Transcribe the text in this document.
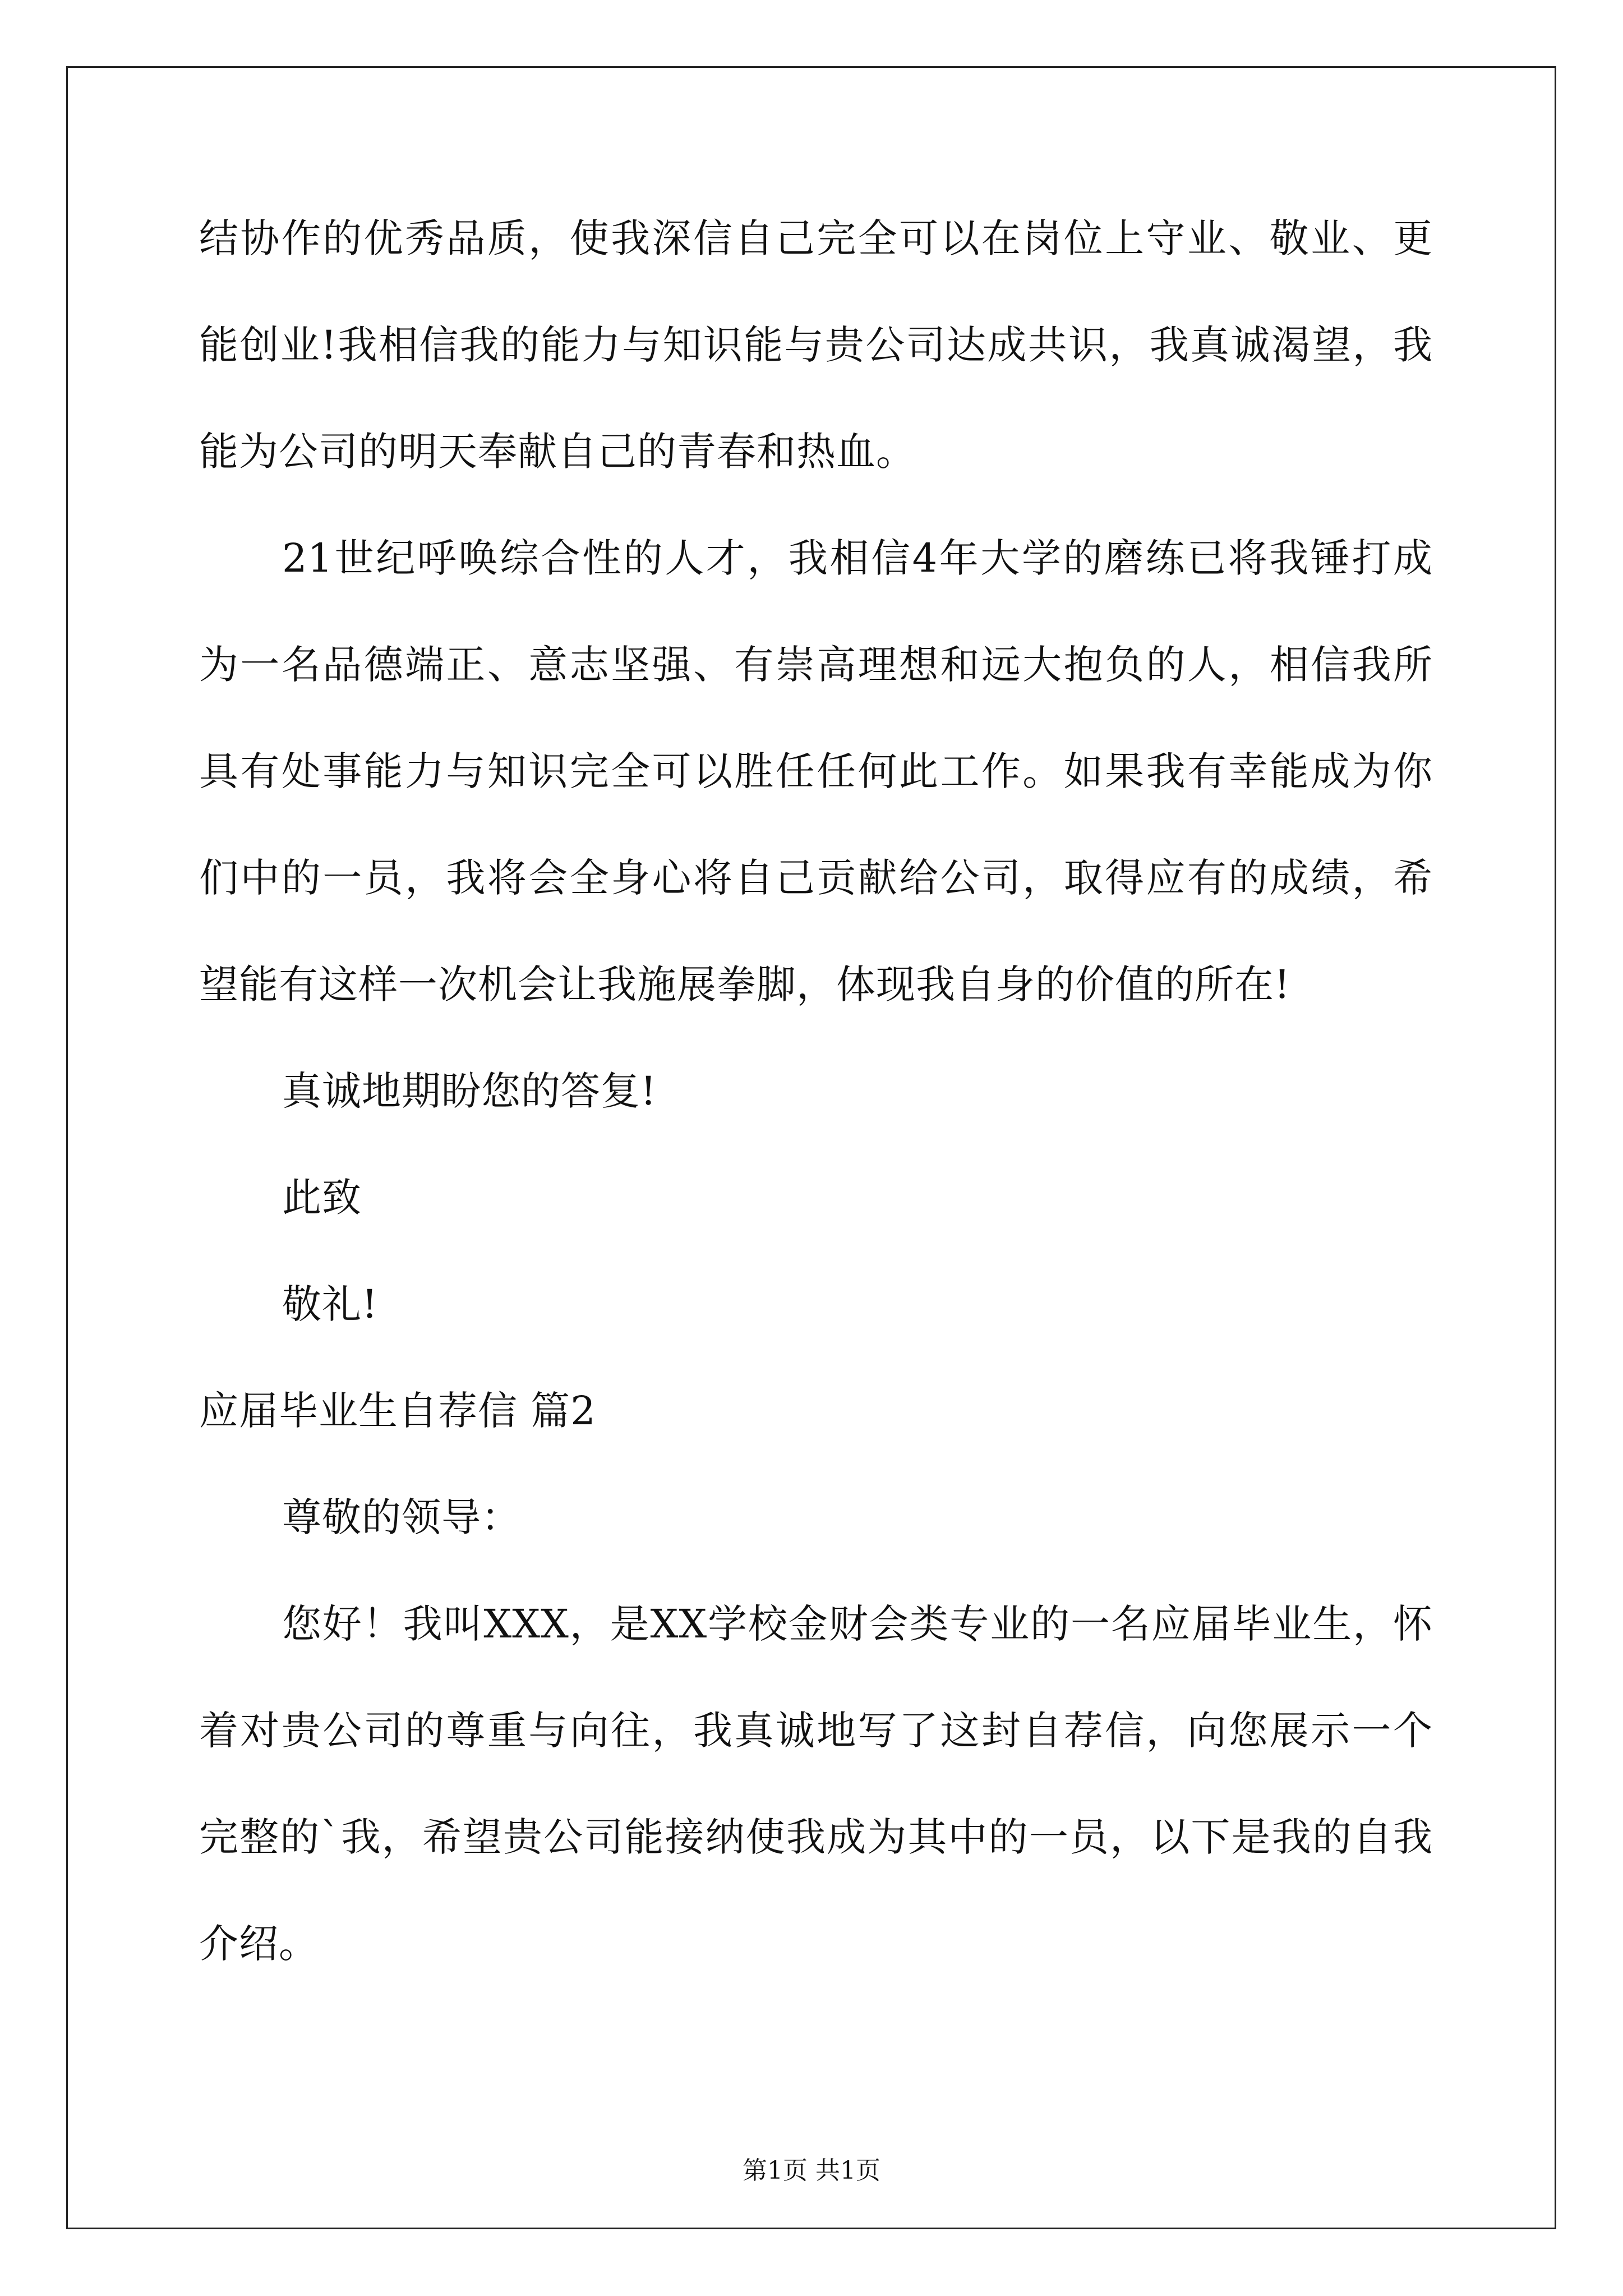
结协作的优秀品质，使我深信自己完全可以在岗位上守业、敬业、更
能创业!我相信我的能力与知识能与贵公司达成共识，我真诚渴望，我
能为公司的明天奉献自己的青春和热血。
21世纪呼唤综合性的人才，我相信4年大学的磨练已将我锤打成
为一名品德端正、意志坚强、有崇高理想和远大抱负的人，相信我所
具有处事能力与知识完全可以胜任任何此工作。如果我有幸能成为你
们中的一员，我将会全身心将自己贡献给公司，取得应有的成绩，希
望能有这样一次机会让我施展拳脚，体现我自身的价值的所在!
真诚地期盼您的答复!
此致
敬礼!
应届毕业生自荐信 篇2
尊敬的领导：
您好！我叫XXX，是XX学校金财会类专业的一名应届毕业生，怀
着对贵公司的尊重与向往，我真诚地写了这封自荐信，向您展示一个
完整的`我，希望贵公司能接纳使我成为其中的一员，以下是我的自我
介绍。
第1页 共1页
